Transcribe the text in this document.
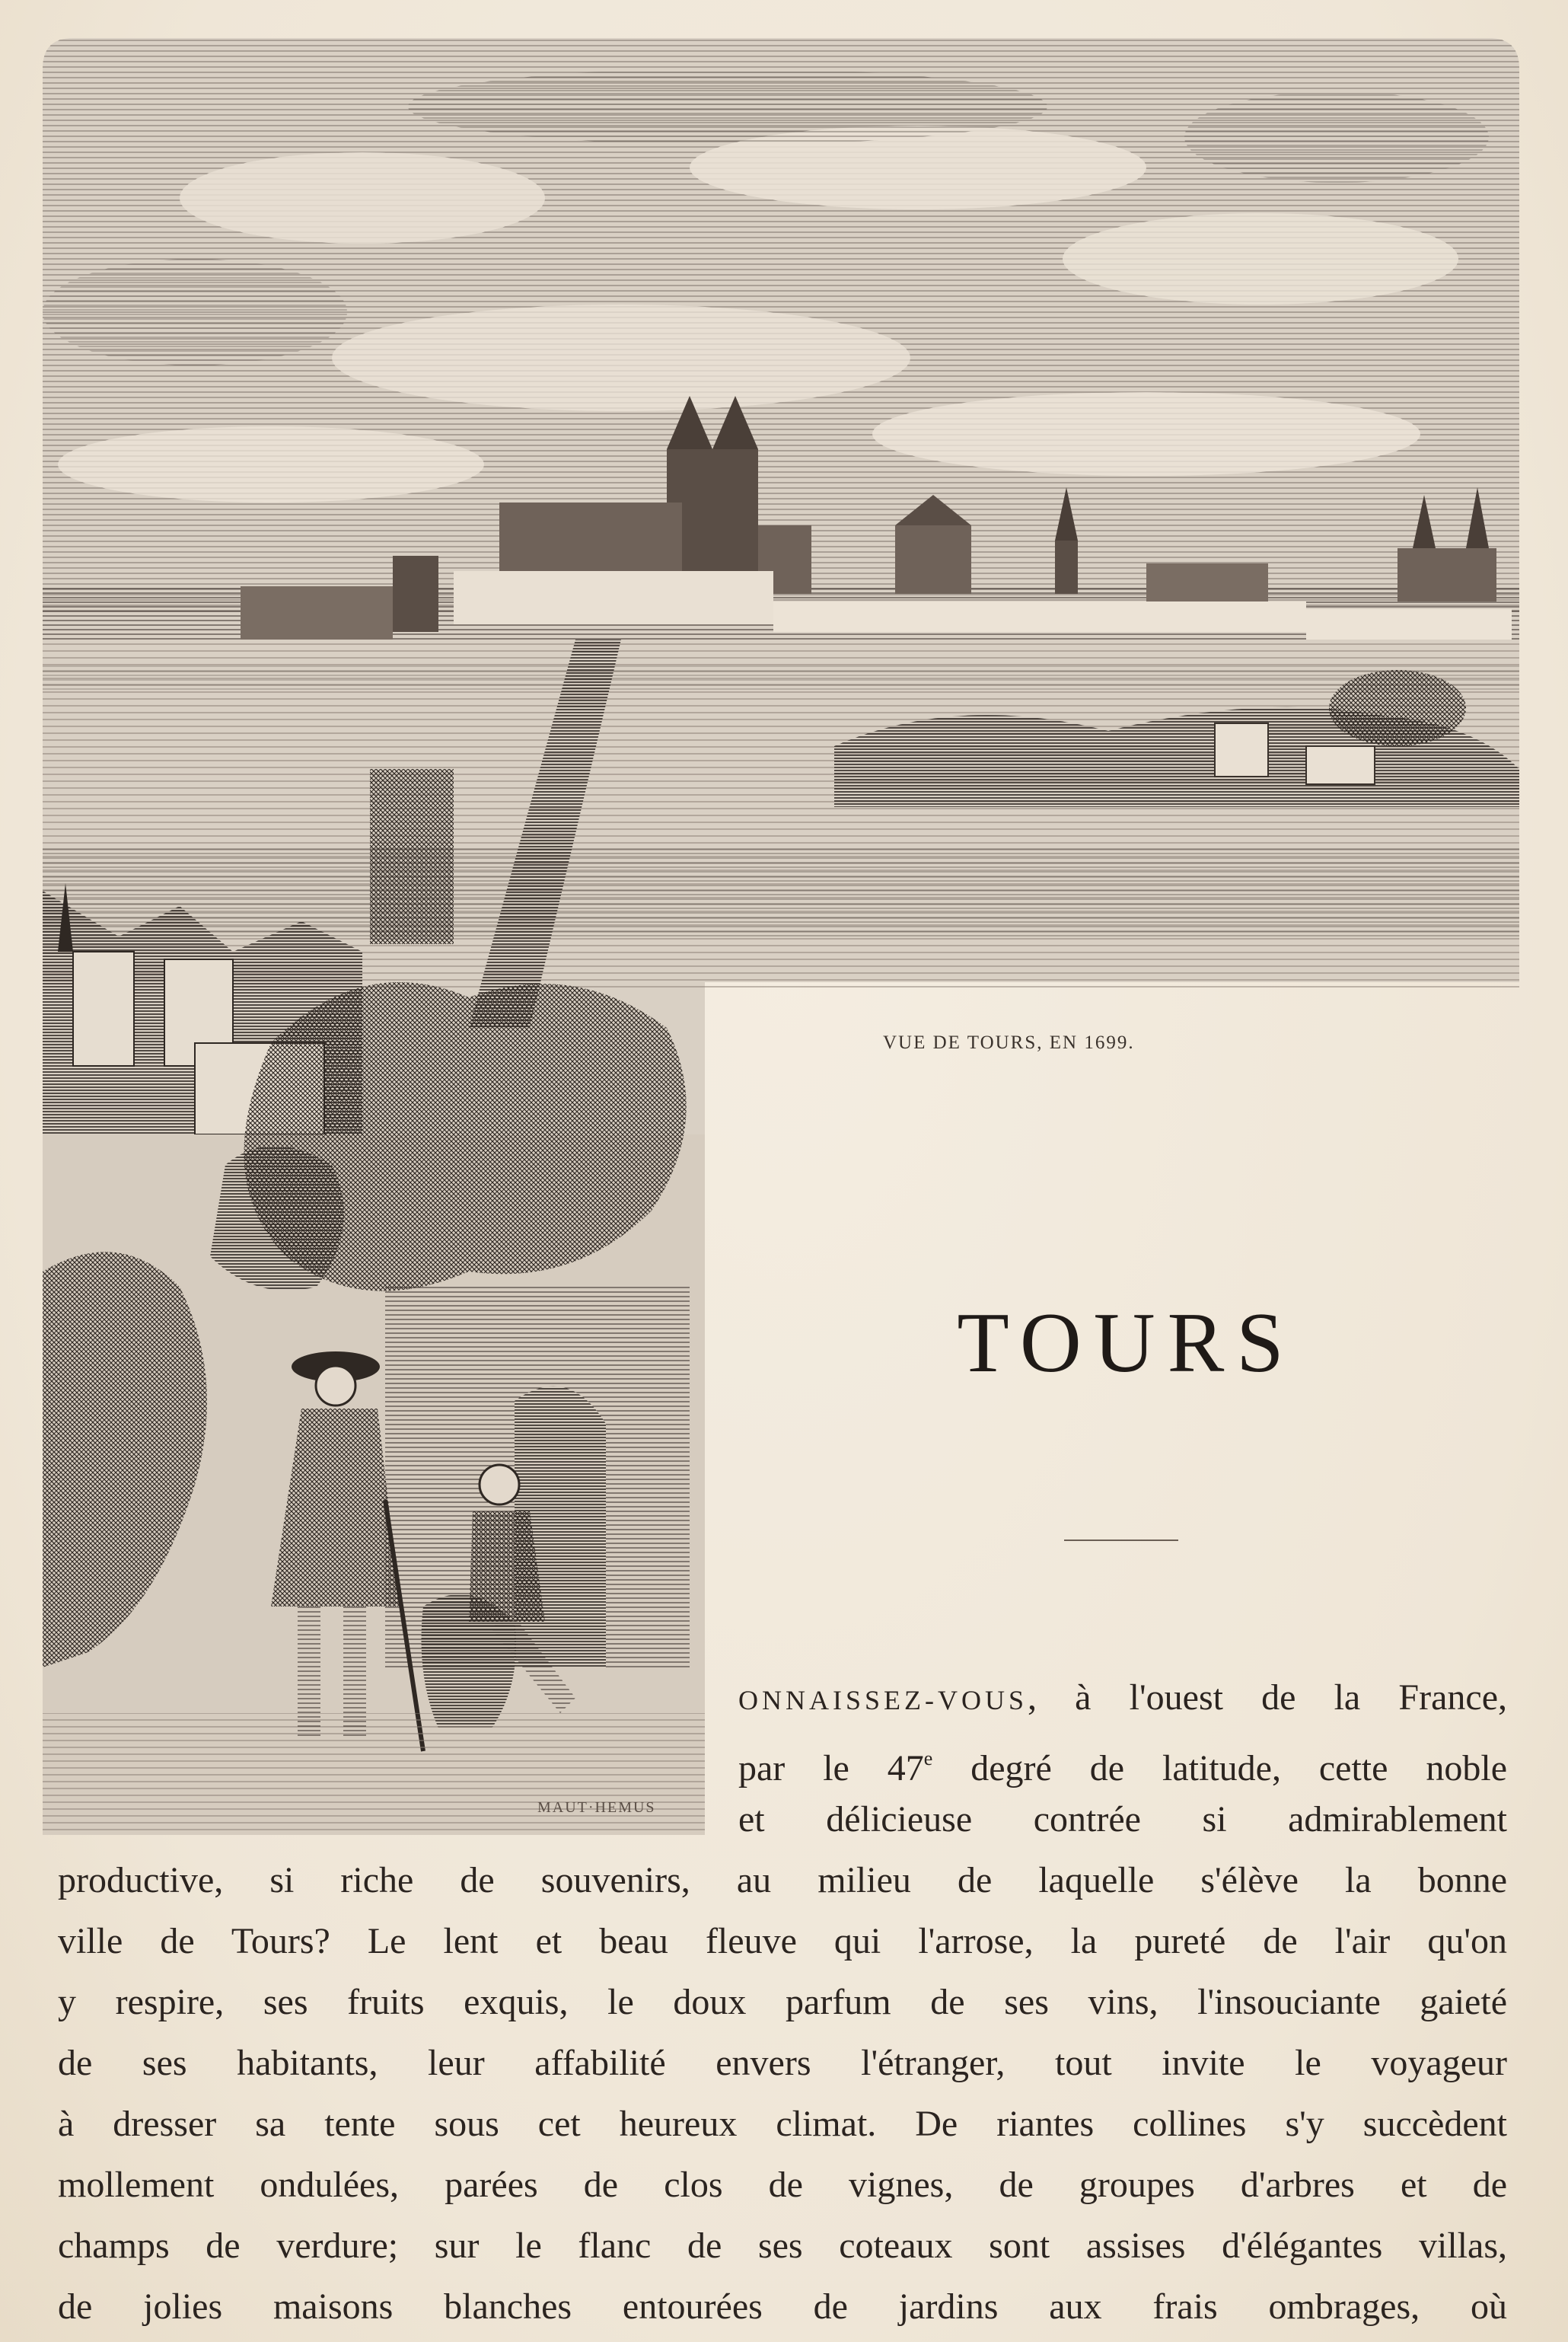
MAUT·HEMUS
VUE DE TOURS, EN 1699.
TOURS
ONNAISSEZ-VOUS, à l'ouest de la France,
par le 47e degré de latitude, cette noble
et délicieuse contrée si admirablement
productive, si riche de souvenirs, au milieu de laquelle s'élève la bonne
ville de Tours? Le lent et beau fleuve qui l'arrose, la pureté de l'air qu'on
y respire, ses fruits exquis, le doux parfum de ses vins, l'insouciante gaieté
de ses habitants, leur affabilité envers l'étranger, tout invite le voyageur
à dresser sa tente sous cet heureux climat. De riantes collines s'y succèdent
mollement ondulées, parées de clos de vignes, de groupes d'arbres et de
champs de verdure; sur le flanc de ses coteaux sont assises d'élégantes villas,
de jolies maisons blanches entourées de jardins aux frais ombrages, où
